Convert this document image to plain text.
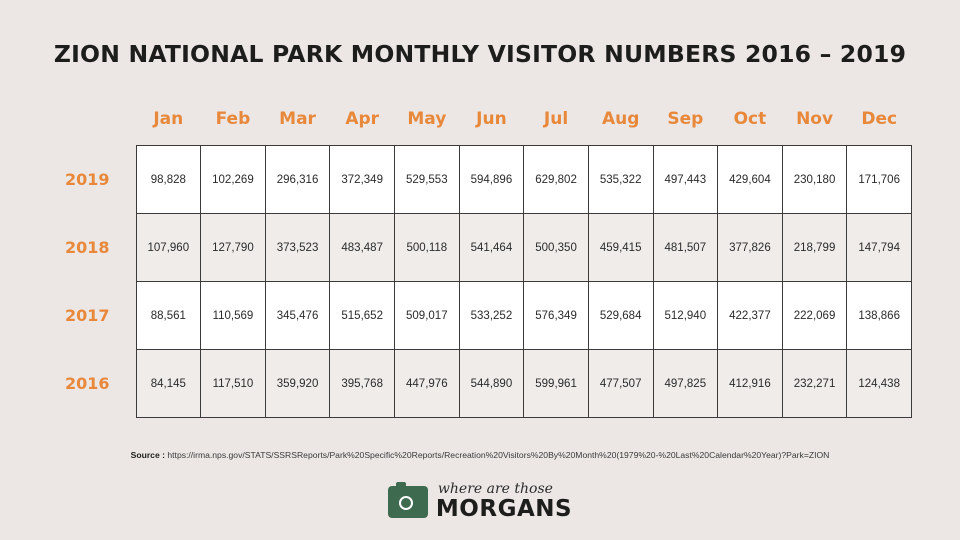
ZION NATIONAL PARK MONTHLY VISITOR NUMBERS 2016 – 2019
	Jan	Feb	Mar	Apr	May	Jun	Jul	Aug	Sep	Oct	Nov	Dec
2019	98,828	102,269	296,316	372,349	529,553	594,896	629,802	535,322	497,443	429,604	230,180	171,706
2018	107,960	127,790	373,523	483,487	500,118	541,464	500,350	459,415	481,507	377,826	218,799	147,794
2017	88,561	110,569	345,476	515,652	509,017	533,252	576,349	529,684	512,940	422,377	222,069	138,866
2016	84,145	117,510	359,920	395,768	447,976	544,890	599,961	477,507	497,825	412,916	232,271	124,438
Source : https://irma.nps.gov/STATS/SSRSReports/Park%20Specific%20Reports/Recreation%20Visitors%20By%20Month%20(1979%20-%20Last%20Calendar%20Year)?Park=ZION
where are those
MORGANS
